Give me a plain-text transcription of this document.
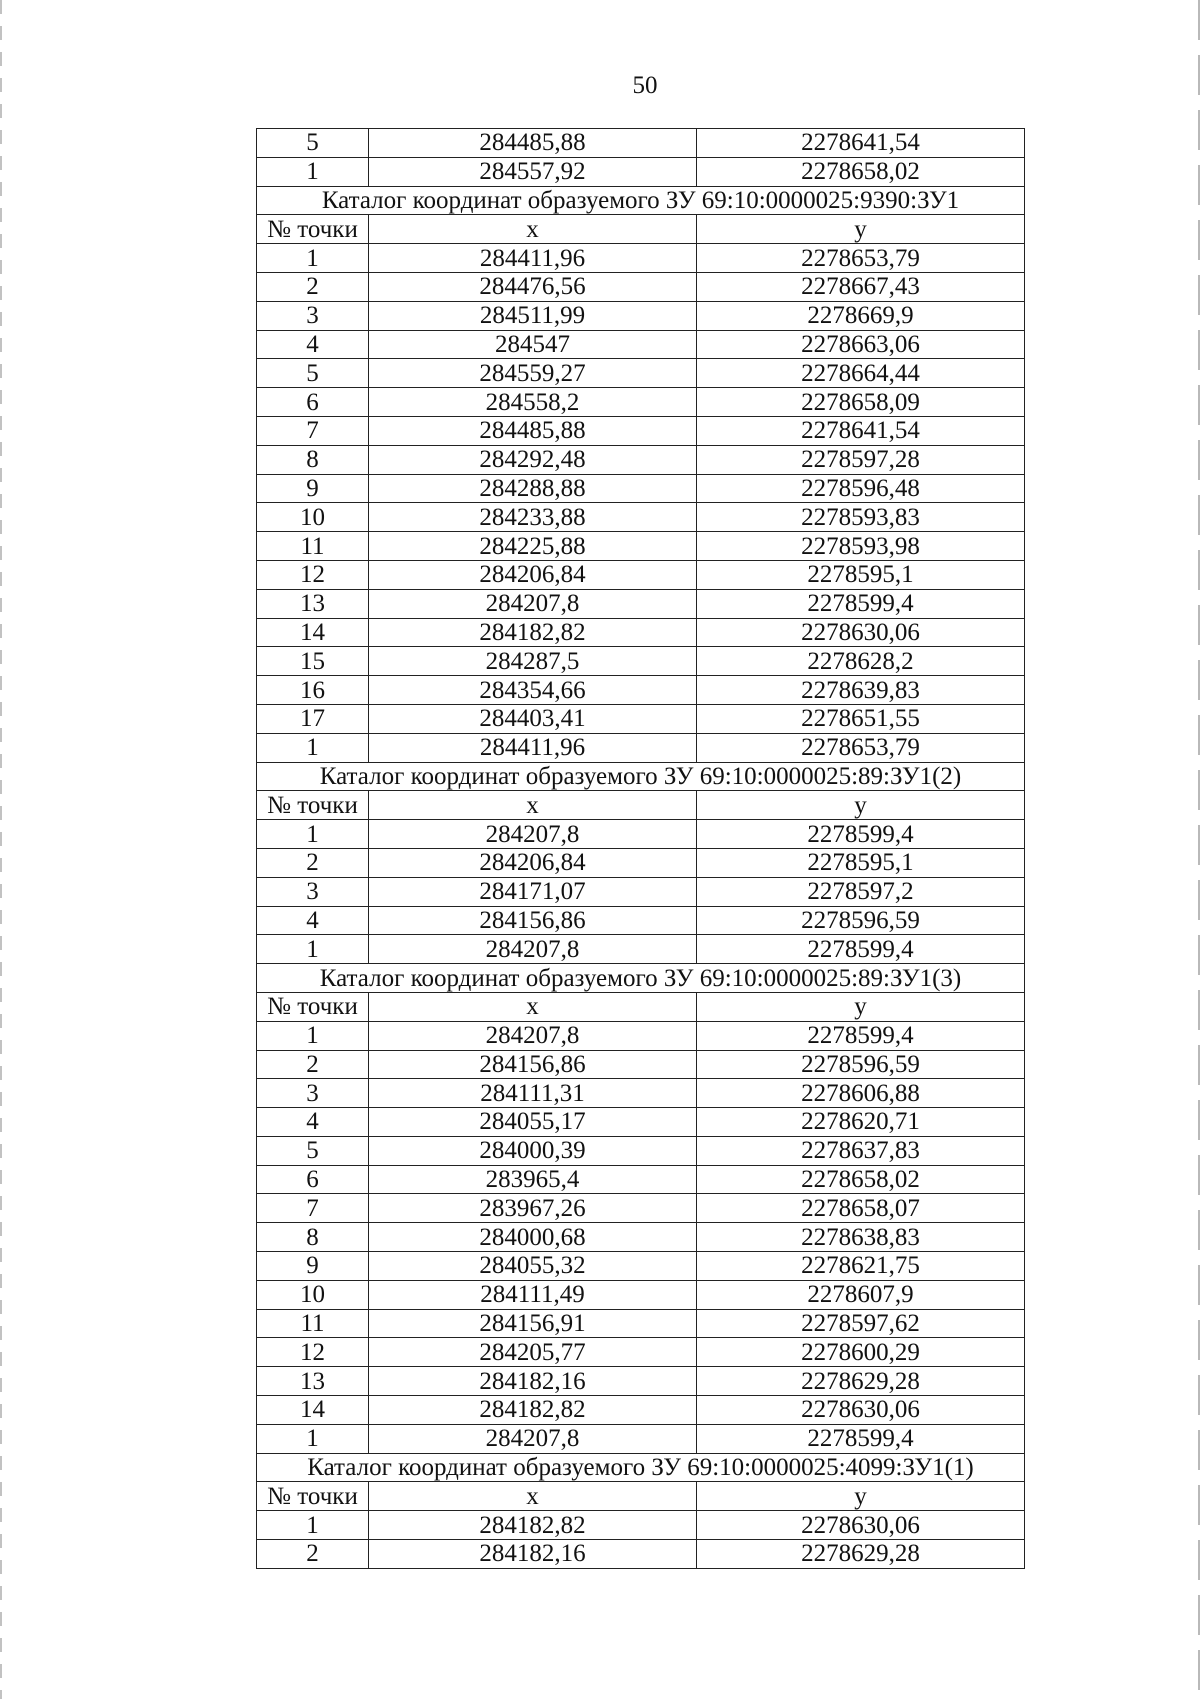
50
5	284485,88	2278641,54
1	284557,92	2278658,02
Каталог координат образуемого ЗУ 69:10:0000025:9390:ЗУ1		
№ точки	x	y
1	284411,96	2278653,79
2	284476,56	2278667,43
3	284511,99	2278669,9
4	284547	2278663,06
5	284559,27	2278664,44
6	284558,2	2278658,09
7	284485,88	2278641,54
8	284292,48	2278597,28
9	284288,88	2278596,48
10	284233,88	2278593,83
11	284225,88	2278593,98
12	284206,84	2278595,1
13	284207,8	2278599,4
14	284182,82	2278630,06
15	284287,5	2278628,2
16	284354,66	2278639,83
17	284403,41	2278651,55
1	284411,96	2278653,79
Каталог координат образуемого ЗУ 69:10:0000025:89:ЗУ1(2)		
№ точки	x	y
1	284207,8	2278599,4
2	284206,84	2278595,1
3	284171,07	2278597,2
4	284156,86	2278596,59
1	284207,8	2278599,4
Каталог координат образуемого ЗУ 69:10:0000025:89:ЗУ1(3)		
№ точки	x	y
1	284207,8	2278599,4
2	284156,86	2278596,59
3	284111,31	2278606,88
4	284055,17	2278620,71
5	284000,39	2278637,83
6	283965,4	2278658,02
7	283967,26	2278658,07
8	284000,68	2278638,83
9	284055,32	2278621,75
10	284111,49	2278607,9
11	284156,91	2278597,62
12	284205,77	2278600,29
13	284182,16	2278629,28
14	284182,82	2278630,06
1	284207,8	2278599,4
Каталог координат образуемого ЗУ 69:10:0000025:4099:ЗУ1(1)		
№ точки	x	y
1	284182,82	2278630,06
2	284182,16	2278629,28
